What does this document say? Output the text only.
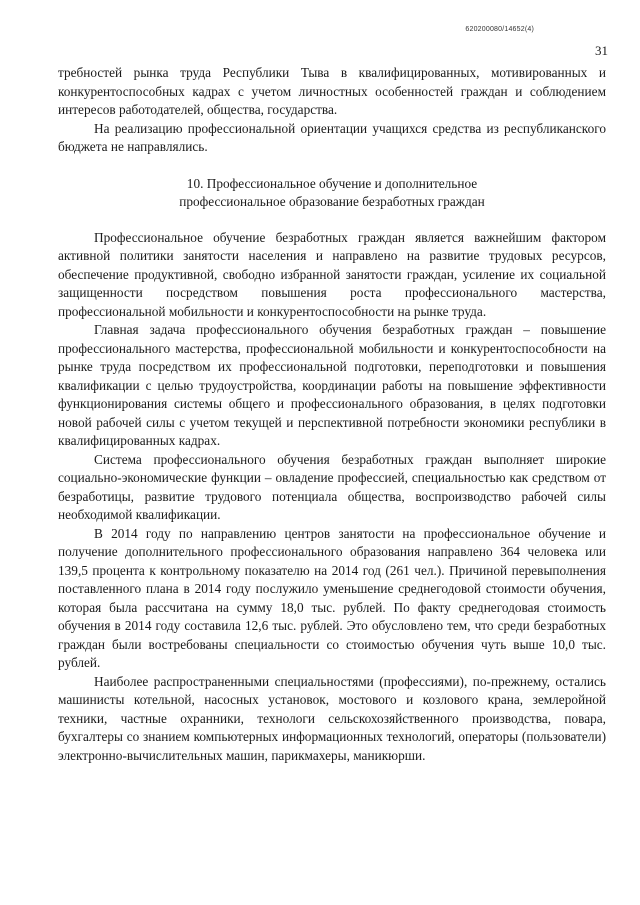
620200080/14652(4)
31

требностей рынка труда Республики Тыва в квалифицированных, мотивированных и конкурентоспособных кадрах с учетом личностных особенностей граждан и соблюдением интересов работодателей, общества, государства.

На реализацию профессиональной ориентации учащихся средства из республиканского бюджета не направлялись.

10. Профессиональное обучение и дополнительное
профессиональное образование безработных граждан

Профессиональное обучение безработных граждан является важнейшим фактором активной политики занятости населения и направлено на развитие трудовых ресурсов, обеспечение продуктивной, свободно избранной занятости граждан, усиление их социальной защищенности посредством повышения роста профессионального мастерства, профессиональной мобильности и конкурентоспособности на рынке труда.

Главная задача профессионального обучения безработных граждан – повышение профессионального мастерства, профессиональной мобильности и конкурентоспособности на рынке труда посредством их профессиональной подготовки, переподготовки и повышения квалификации с целью трудоустройства, координации работы на повышение эффективности функционирования системы общего и профессионального образования, в целях подготовки новой рабочей силы с учетом текущей и перспективной потребности экономики республики в квалифицированных кадрах.

Система профессионального обучения безработных граждан выполняет широкие социально-экономические функции – овладение профессией, специальностью как средством от безработицы, развитие трудового потенциала общества, воспроизводство рабочей силы необходимой квалификации.

В 2014 году по направлению центров занятости на профессиональное обучение и получение дополнительного профессионального образования направлено 364 человека или 139,5 процента к контрольному показателю на 2014 год (261 чел.). Причиной перевыполнения поставленного плана в 2014 году послужило уменьшение среднегодовой стоимости обучения, которая была рассчитана на сумму 18,0 тыс. рублей. По факту среднегодовая стоимость обучения в 2014 году составила 12,6 тыс. рублей. Это обусловлено тем, что среди безработных граждан были востребованы специальности со стоимостью обучения чуть выше 10,0 тыс. рублей.

Наиболее распространенными специальностями (профессиями), по-прежнему, остались машинисты котельной, насосных установок, мостового и козлового крана, землеройной техники, частные охранники, технологи сельскохозяйственного производства, повара, бухгалтеры со знанием компьютерных информационных технологий, операторы (пользователи) электронно-вычислительных машин, парикмахеры, маникюрши.
